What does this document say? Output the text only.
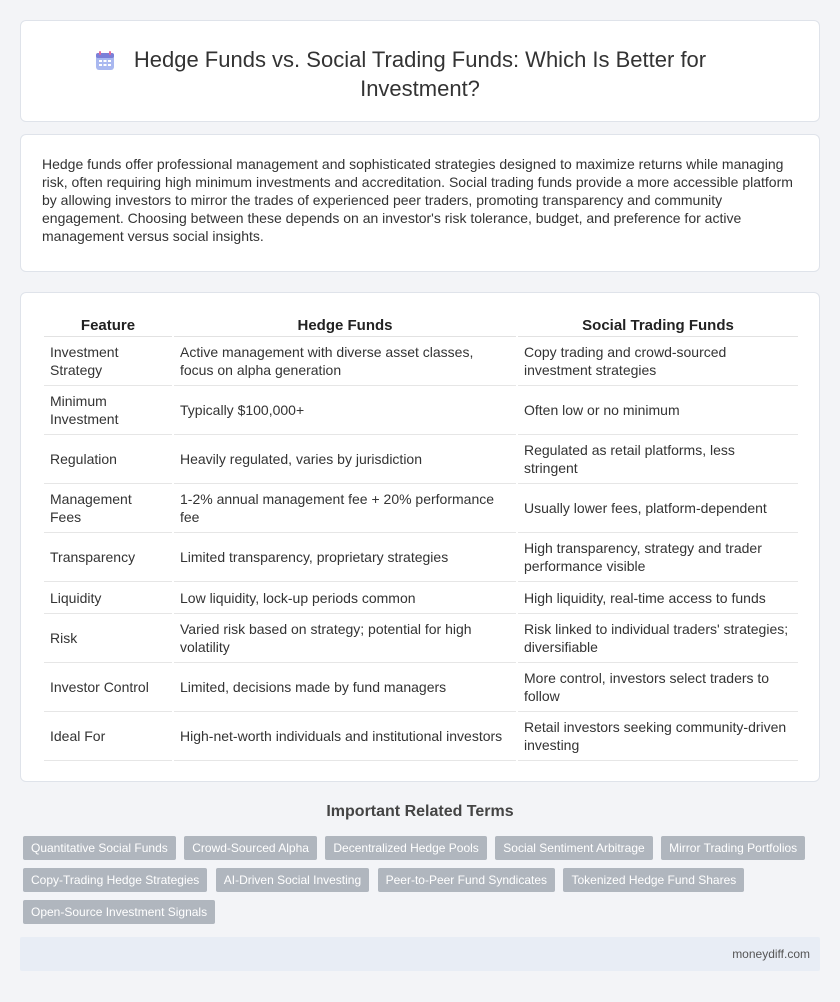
Hedge Funds vs. Social Trading Funds: Which Is Better for Investment?

Hedge funds offer professional management and sophisticated strategies designed to maximize returns while managing risk, often requiring high minimum investments and accreditation. Social trading funds provide a more accessible platform by allowing investors to mirror the trades of experienced peer traders, promoting transparency and community engagement. Choosing between these depends on an investor's risk tolerance, budget, and preference for active management versus social insights.

Feature	Hedge Funds	Social Trading Funds
Investment Strategy	Active management with diverse asset classes, focus on alpha generation	Copy trading and crowd-sourced investment strategies
Minimum Investment	Typically $100,000+	Often low or no minimum
Regulation	Heavily regulated, varies by jurisdiction	Regulated as retail platforms, less stringent
Management Fees	1-2% annual management fee + 20% performance fee	Usually lower fees, platform-dependent
Transparency	Limited transparency, proprietary strategies	High transparency, strategy and trader performance visible
Liquidity	Low liquidity, lock-up periods common	High liquidity, real-time access to funds
Risk	Varied risk based on strategy; potential for high volatility	Risk linked to individual traders' strategies; diversifiable
Investor Control	Limited, decisions made by fund managers	More control, investors select traders to follow
Ideal For	High-net-worth individuals and institutional investors	Retail investors seeking community-driven investing
Important Related Terms
Quantitative Social Funds Crowd-Sourced Alpha Decentralized Hedge Pools Social Sentiment Arbitrage Mirror Trading Portfolios Copy-Trading Hedge Strategies AI-Driven Social Investing Peer-to-Peer Fund Syndicates Tokenized Hedge Fund Shares Open-Source Investment Signals
moneydiff.com
